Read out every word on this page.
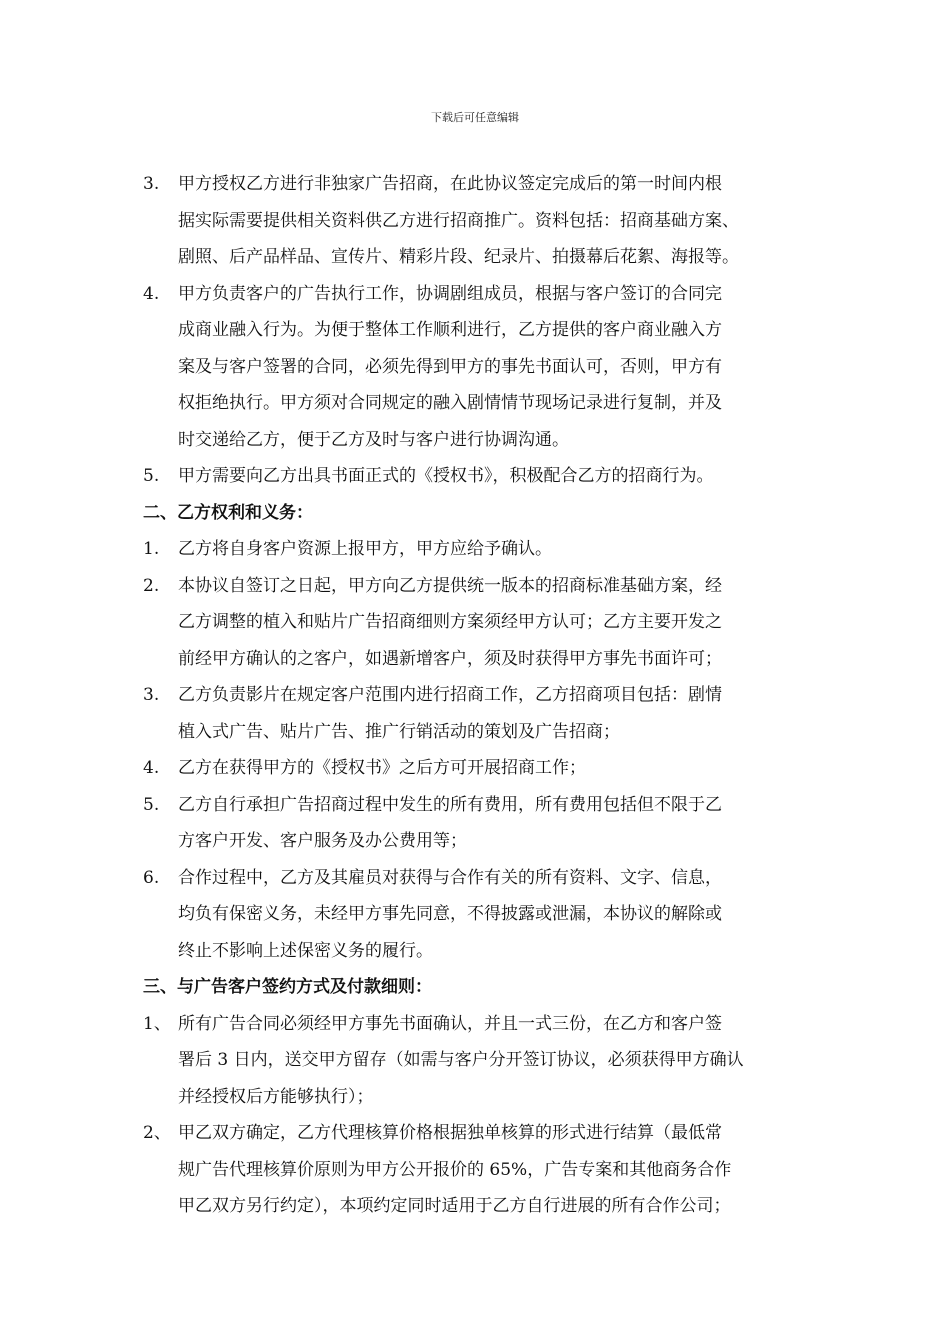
下载后可任意编辑
3.	甲方授权乙方进行非独家广告招商，在此协议签定完成后的第一时间内根
据实际需要提供相关资料供乙方进行招商推广。资料包括：招商基础方案、
剧照、后产品样品、宣传片、精彩片段、纪录片、拍摄幕后花絮、海报等。
4.	甲方负责客户的广告执行工作，协调剧组成员，根据与客户签订的合同完
成商业融入行为。为便于整体工作顺利进行，乙方提供的客户商业融入方
案及与客户签署的合同，必须先得到甲方的事先书面认可，否则，甲方有
权拒绝执行。甲方须对合同规定的融入剧情情节现场记录进行复制，并及
时交递给乙方，便于乙方及时与客户进行协调沟通。
5.	甲方需要向乙方出具书面正式的《授权书》，积极配合乙方的招商行为。
二、乙方权利和义务：
1.	乙方将自身客户资源上报甲方，甲方应给予确认。
2.	本协议自签订之日起，甲方向乙方提供统一版本的招商标准基础方案，经
乙方调整的植入和贴片广告招商细则方案须经甲方认可；乙方主要开发之
前经甲方确认的之客户，如遇新增客户，须及时获得甲方事先书面许可；
3.	乙方负责影片在规定客户范围内进行招商工作，乙方招商项目包括：剧情
植入式广告、贴片广告、推广行销活动的策划及广告招商；
4.	乙方在获得甲方的《授权书》之后方可开展招商工作；
5.	乙方自行承担广告招商过程中发生的所有费用，所有费用包括但不限于乙
方客户开发、客户服务及办公费用等；
6.	合作过程中，乙方及其雇员对获得与合作有关的所有资料、文字、信息，
均负有保密义务，未经甲方事先同意，不得披露或泄漏，本协议的解除或
终止不影响上述保密义务的履行。
三、与广告客户签约方式及付款细则：
1、 所有广告合同必须经甲方事先书面确认，并且一式三份，在乙方和客户签
署后 3 日内，送交甲方留存（如需与客户分开签订协议，必须获得甲方确认
并经授权后方能够执行）；
2、 甲乙双方确定，乙方代理核算价格根据独单核算的形式进行结算（最低常
规广告代理核算价原则为甲方公开报价的 65%，广告专案和其他商务合作
甲乙双方另行约定），本项约定同时适用于乙方自行进展的所有合作公司；
